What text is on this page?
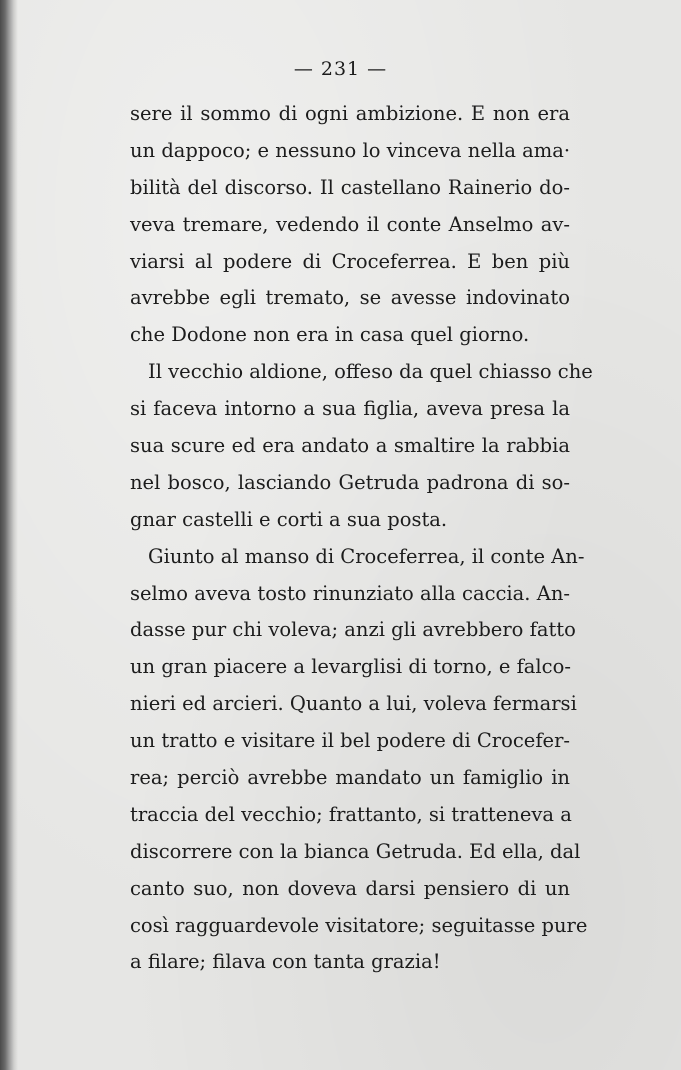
— 231 —
sere il sommo di ogni ambizione. E non era
un dappoco; e nessuno lo vinceva nella ama·
bilità del discorso. Il castellano Rainerio do-
veva tremare, vedendo il conte Anselmo av-
viarsi al podere di Croceferrea. E ben più
avrebbe egli tremato, se avesse indovinato
che Dodone non era in casa quel giorno.
Il vecchio aldione, offeso da quel chiasso che
si faceva intorno a sua figlia, aveva presa la
sua scure ed era andato a smaltire la rabbia
nel bosco, lasciando Getruda padrona di so-
gnar castelli e corti a sua posta.
Giunto al manso di Croceferrea, il conte An-
selmo aveva tosto rinunziato alla caccia. An-
dasse pur chi voleva; anzi gli avrebbero fatto
un gran piacere a levarglisi di torno, e falco-
nieri ed arcieri. Quanto a lui, voleva fermarsi
un tratto e visitare il bel podere di Crocefer-
rea; perciò avrebbe mandato un famiglio in
traccia del vecchio; frattanto, si tratteneva a
discorrere con la bianca Getruda. Ed ella, dal
canto suo, non doveva darsi pensiero di un
così ragguardevole visitatore; seguitasse pure
a filare; filava con tanta grazia!
